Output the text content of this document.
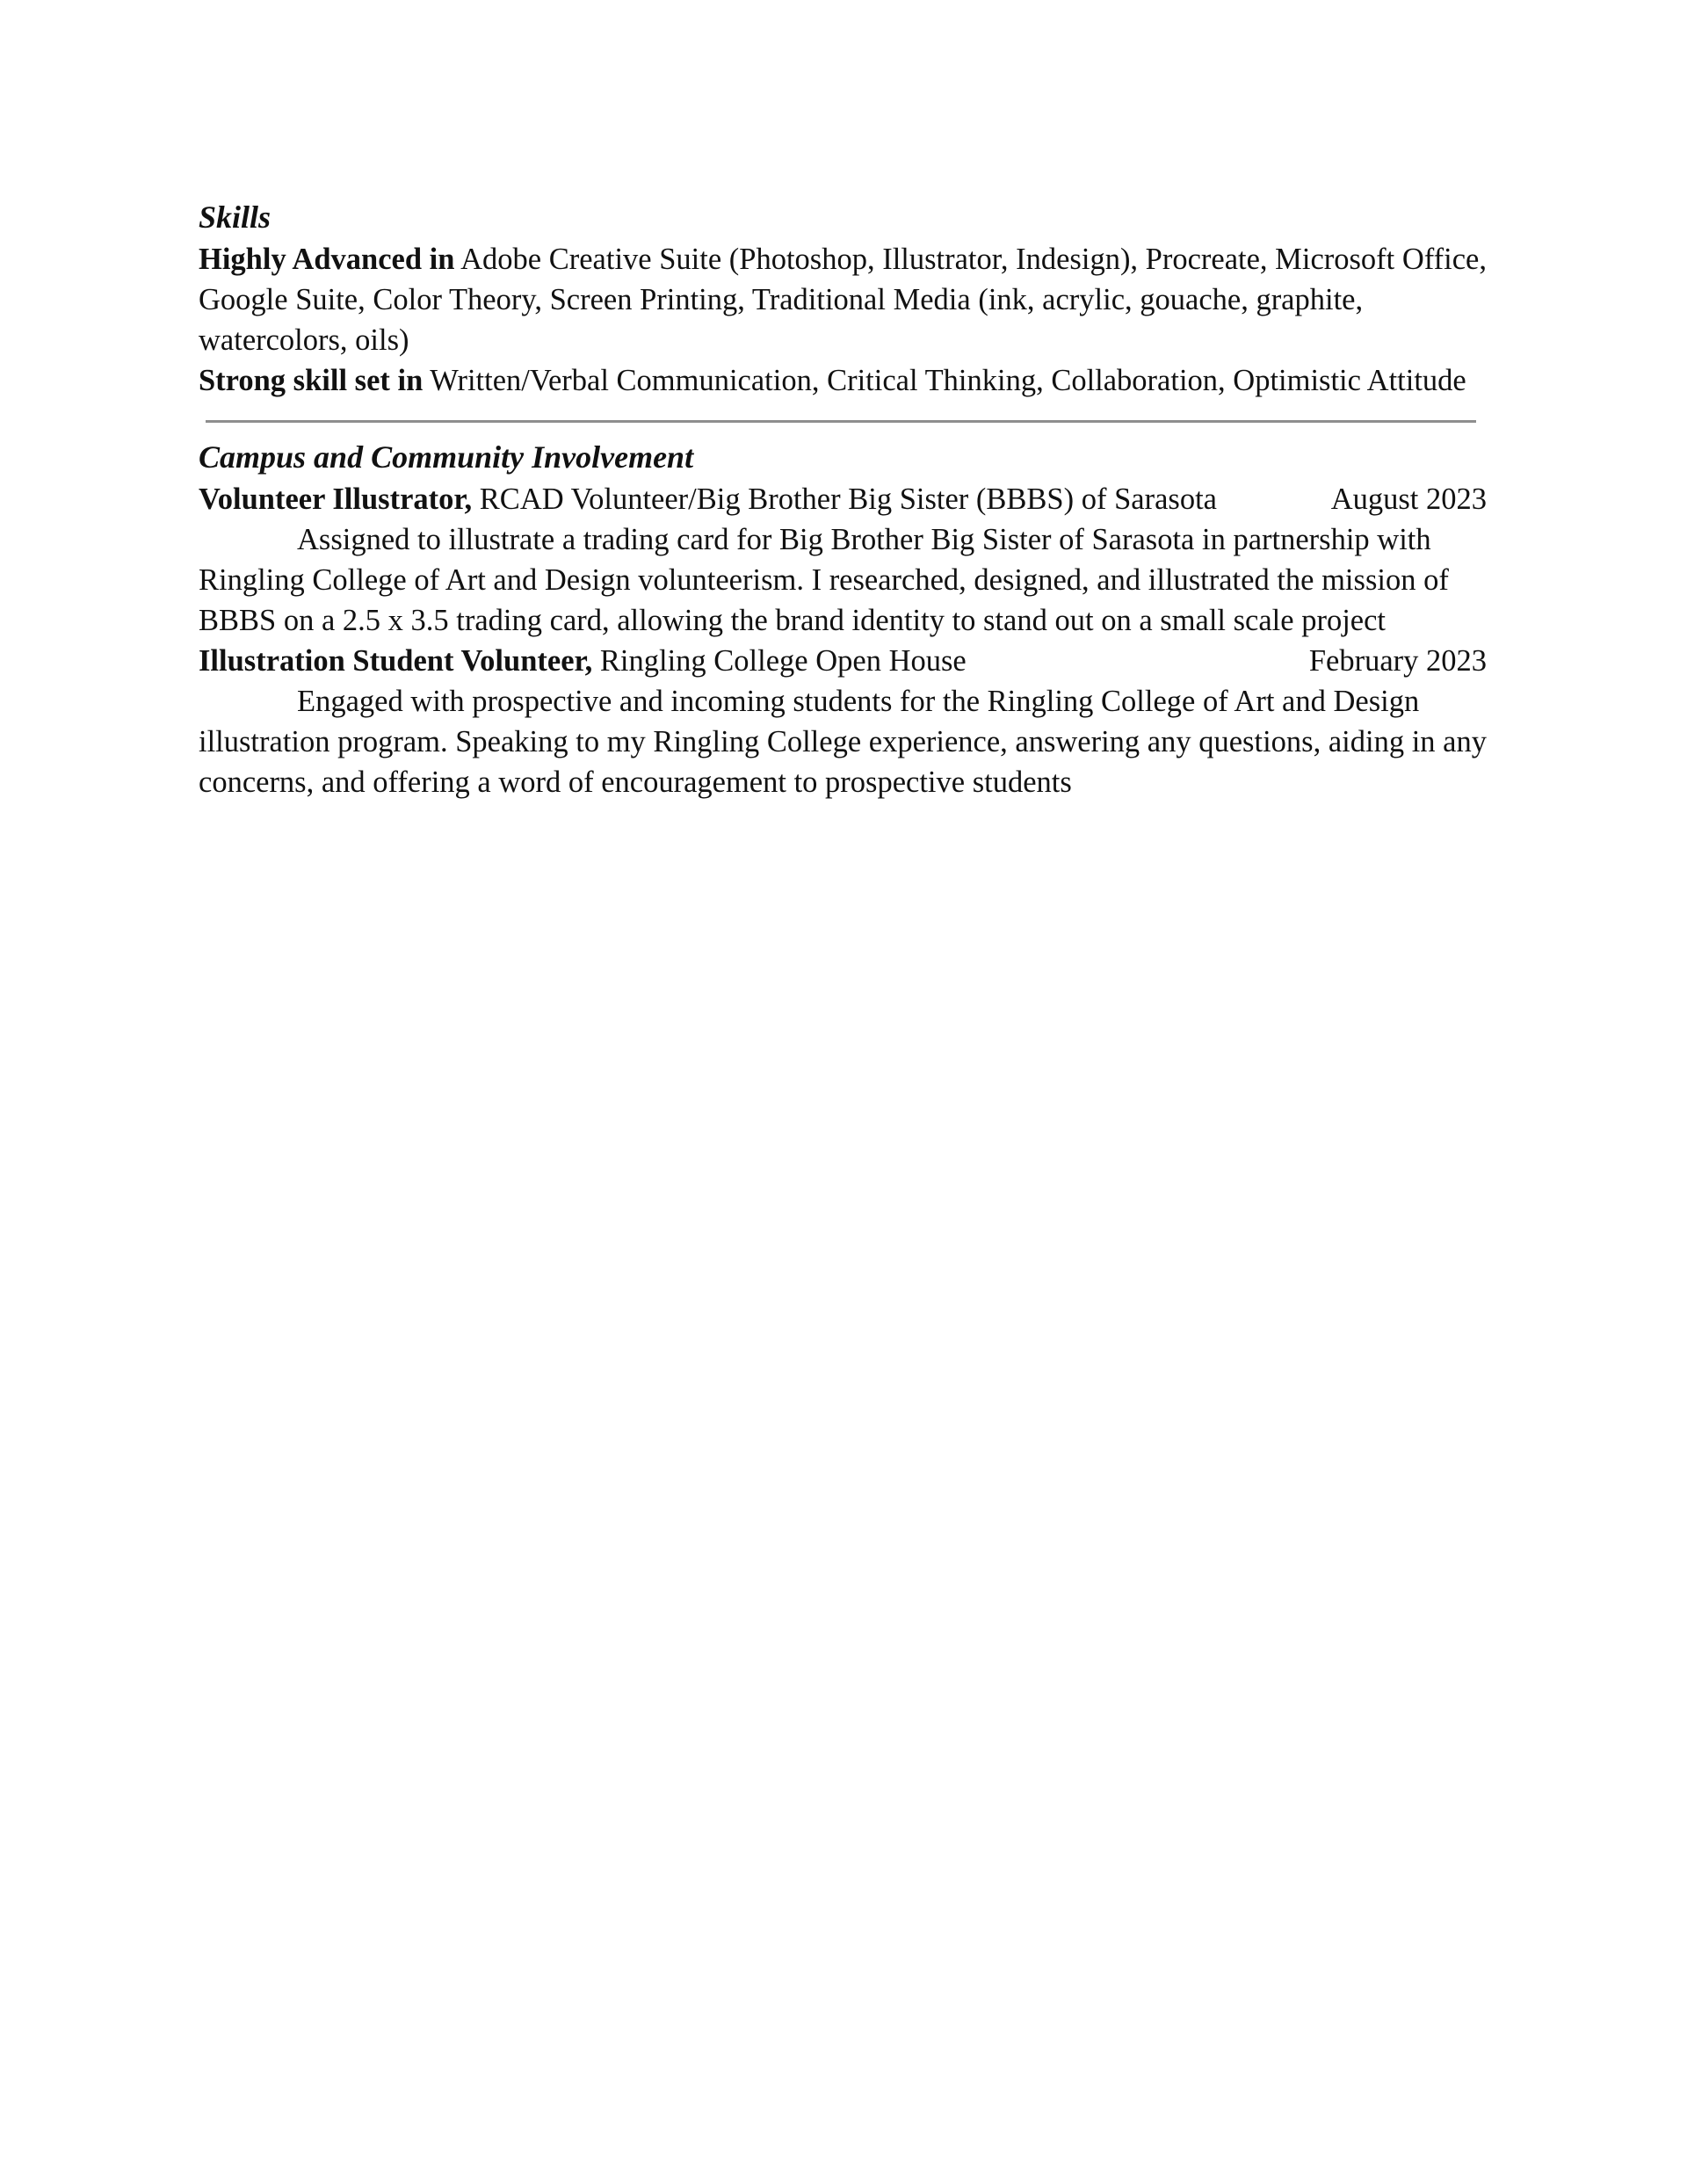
Skills

Highly Advanced in Adobe Creative Suite (Photoshop, Illustrator, Indesign), Procreate, Microsoft Office, Google Suite, Color Theory, Screen Printing, Traditional Media (ink, acrylic, gouache, graphite, watercolors, oils)

Strong skill set in Written/Verbal Communication, Critical Thinking, Collaboration, Optimistic Attitude

Campus and Community Involvement
Volunteer Illustrator, RCAD Volunteer/Big Brother Big Sister (BBBS) of Sarasota	August 2023

Assigned to illustrate a trading card for Big Brother Big Sister of Sarasota in partnership with Ringling College of Art and Design volunteerism. I researched, designed, and illustrated the mission of BBBS on a 2.5 x 3.5 trading card, allowing the brand identity to stand out on a small scale project

Illustration Student Volunteer, Ringling College Open House	February 2023

Engaged with prospective and incoming students for the Ringling College of Art and Design illustration program. Speaking to my Ringling College experience, answering any questions, aiding in any concerns, and offering a word of encouragement to prospective students
